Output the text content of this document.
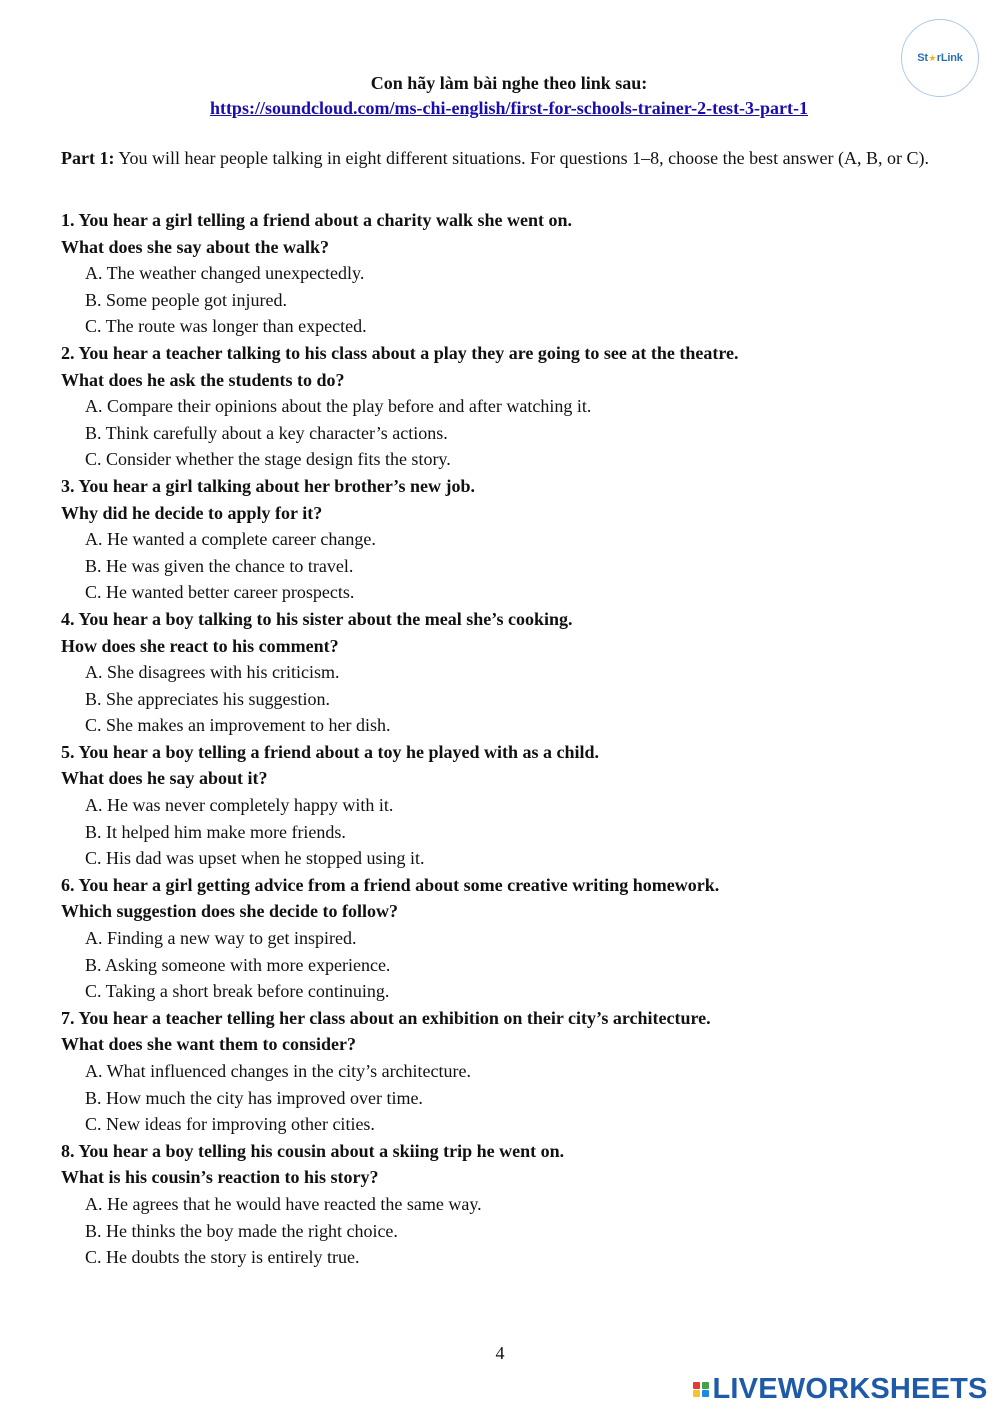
St ★ rLink
Con hãy làm bài nghe theo link sau:
https://soundcloud.com/ms-chi-english/first-for-schools-trainer-2-test-3-part-1
Part 1: You will hear people talking in eight different situations. For questions 1–8, choose the best answer (A, B, or C).
1. You hear a girl telling a friend about a charity walk she went on.
What does she say about the walk?
A. The weather changed unexpectedly.
B. Some people got injured.
C. The route was longer than expected.
2. You hear a teacher talking to his class about a play they are going to see at the theatre.
What does he ask the students to do?
A. Compare their opinions about the play before and after watching it.
B. Think carefully about a key character’s actions.
C. Consider whether the stage design fits the story.
3. You hear a girl talking about her brother’s new job.
Why did he decide to apply for it?
A. He wanted a complete career change.
B. He was given the chance to travel.
C. He wanted better career prospects.
4. You hear a boy talking to his sister about the meal she’s cooking.
How does she react to his comment?
A. She disagrees with his criticism.
B. She appreciates his suggestion.
C. She makes an improvement to her dish.
5. You hear a boy telling a friend about a toy he played with as a child.
What does he say about it?
A. He was never completely happy with it.
B. It helped him make more friends.
C. His dad was upset when he stopped using it.
6. You hear a girl getting advice from a friend about some creative writing homework.
Which suggestion does she decide to follow?
A. Finding a new way to get inspired.
B. Asking someone with more experience.
C. Taking a short break before continuing.
7. You hear a teacher telling her class about an exhibition on their city’s architecture.
What does she want them to consider?
A. What influenced changes in the city’s architecture.
B. How much the city has improved over time.
C. New ideas for improving other cities.
8. You hear a boy telling his cousin about a skiing trip he went on.
What is his cousin’s reaction to his story?
A. He agrees that he would have reacted the same way.
B. He thinks the boy made the right choice.
C. He doubts the story is entirely true.
4
LIVEWORKSHEETS
